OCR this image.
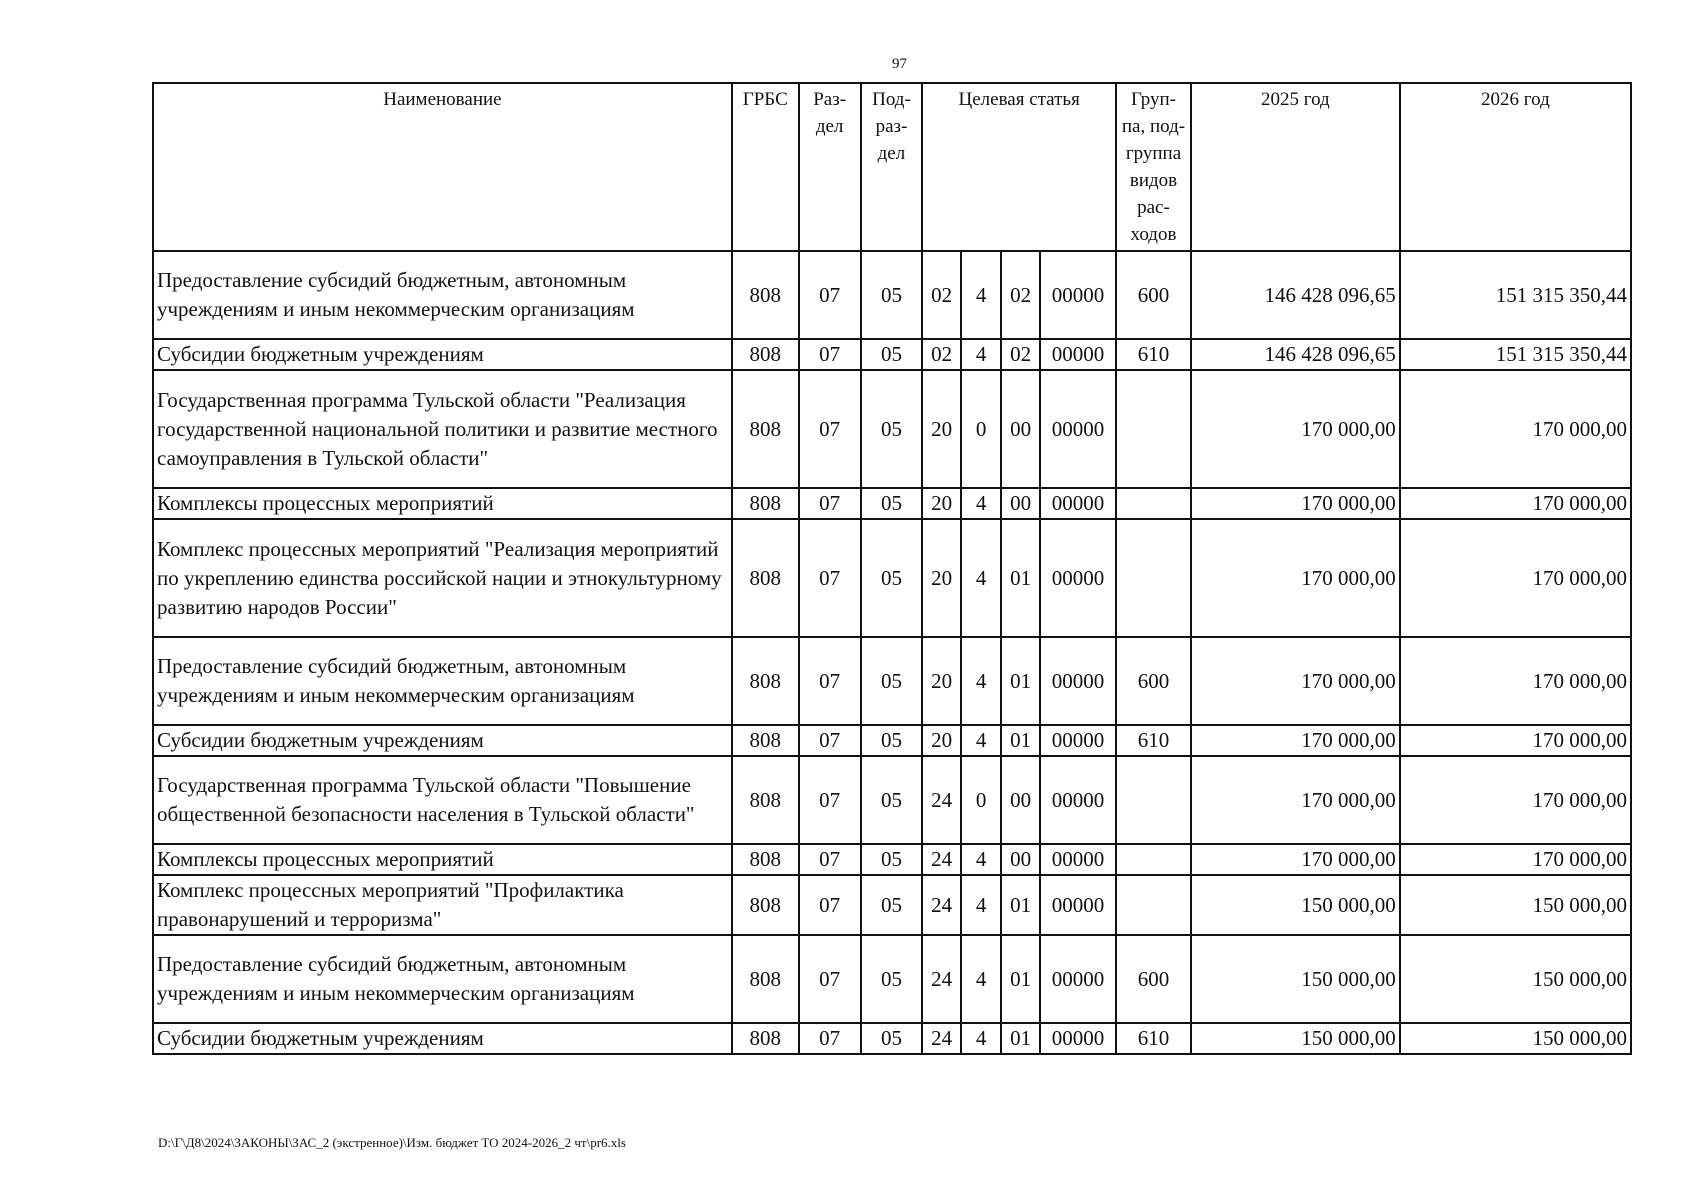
97
Наименование	ГРБС	Раз-дел	Под-раз-дел	Целевая статья				Груп-па, под-группа видов рас-ходов	2025 год	2026 год
Предоставление субсидий бюджетным, автономным учреждениям и иным некоммерческим организациям	808	07	05	02	4	02	00000	600	146 428 096,65	151 315 350,44
Субсидии бюджетным учреждениям	808	07	05	02	4	02	00000	610	146 428 096,65	151 315 350,44
Государственная программа Тульской области "Реализация государственной национальной политики и развитие местного самоуправления в Тульской области"	808	07	05	20	0	00	00000		170 000,00	170 000,00
Комплексы процессных мероприятий	808	07	05	20	4	00	00000		170 000,00	170 000,00
Комплекс процессных мероприятий "Реализация мероприятий по укреплению единства российской нации и этнокультурному развитию народов России"	808	07	05	20	4	01	00000		170 000,00	170 000,00
Предоставление субсидий бюджетным, автономным учреждениям и иным некоммерческим организациям	808	07	05	20	4	01	00000	600	170 000,00	170 000,00
Субсидии бюджетным учреждениям	808	07	05	20	4	01	00000	610	170 000,00	170 000,00
Государственная программа Тульской области "Повышение общественной безопасности населения в Тульской области"	808	07	05	24	0	00	00000		170 000,00	170 000,00
Комплексы процессных мероприятий	808	07	05	24	4	00	00000		170 000,00	170 000,00
Комплекс процессных мероприятий "Профилактика правонарушений и терроризма"	808	07	05	24	4	01	00000		150 000,00	150 000,00
Предоставление субсидий бюджетным, автономным учреждениям и иным некоммерческим организациям	808	07	05	24	4	01	00000	600	150 000,00	150 000,00
Субсидии бюджетным учреждениям	808	07	05	24	4	01	00000	610	150 000,00	150 000,00
D:\Г\Д8\2024\ЗАКОНЫ\ЗАС_2 (экстренное)\Изм. бюджет ТО 2024-2026_2 чт\pr6.xls
